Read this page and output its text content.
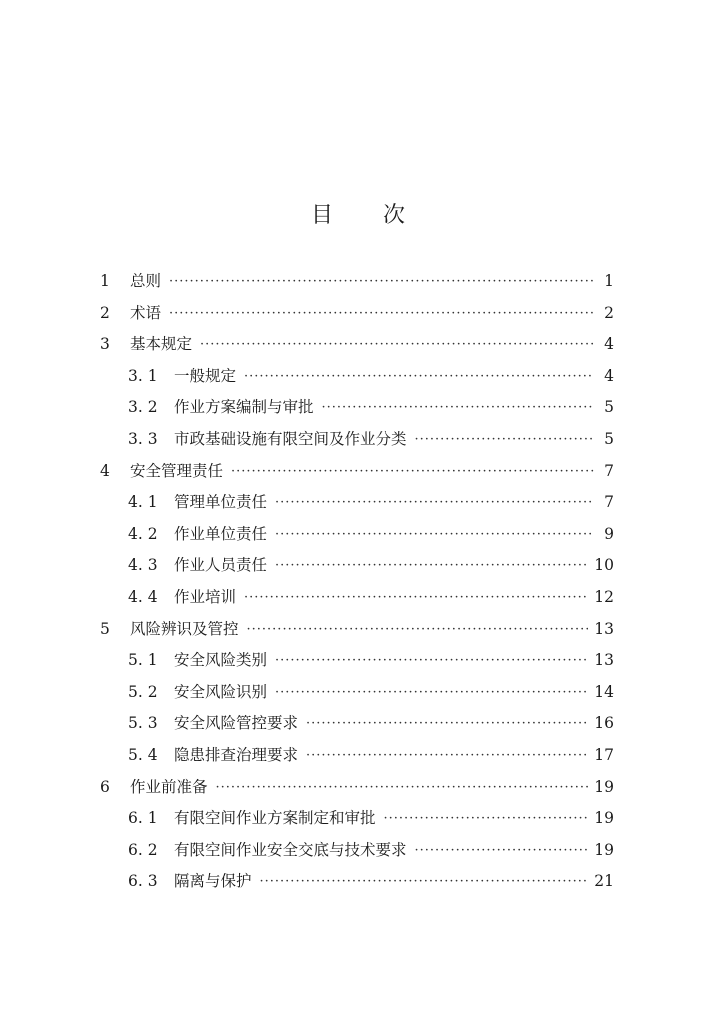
目 次
1	总则 ·····	1
2	术语 ·····	2
3	基本规定 ·····	4
3. 1	一般规定 ·····	4
3. 2	作业方案编制与审批 ·····	5
3. 3	市政基础设施有限空间及作业分类 ·····	5
4	安全管理责任 ·····	7
4. 1	管理单位责任 ·····	7
4. 2	作业单位责任 ·····	9
4. 3	作业人员责任 ·····	10
4. 4	作业培训 ·····	12
5	风险辨识及管控 ·····	13
5. 1	安全风险类别 ·····	13
5. 2	安全风险识别 ·····	14
5. 3	安全风险管控要求 ·····	16
5. 4	隐患排查治理要求 ·····	17
6	作业前准备 ·····	19
6. 1	有限空间作业方案制定和审批 ·····	19
6. 2	有限空间作业安全交底与技术要求 ·····	19
6. 3	隔离与保护 ·····	21
